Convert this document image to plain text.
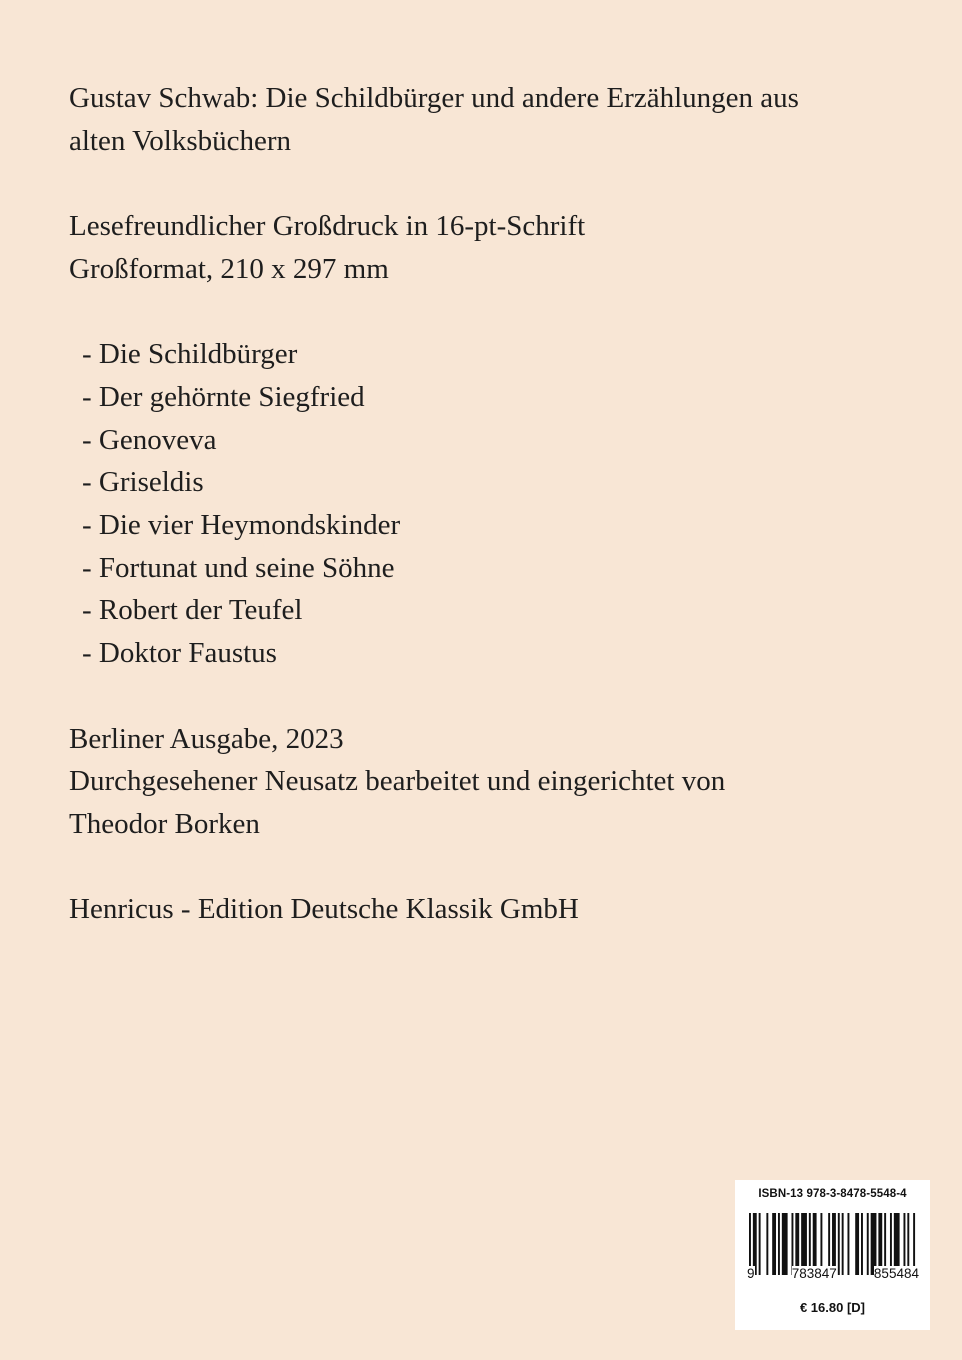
Gustav Schwab: Die Schildbürger und andere Erzählungen aus

alten Volksbüchern

Lesefreundlicher Großdruck in 16-pt-Schrift

Großformat, 210 x 297 mm

- Die Schildbürger
- Der gehörnte Siegfried
- Genoveva
- Griseldis
- Die vier Heymondskinder
- Fortunat und seine Söhne
- Robert der Teufel
- Doktor Faustus

Berliner Ausgabe, 2023

Durchgesehener Neusatz bearbeitet und eingerichtet von

Theodor Borken

Henricus - Edition Deutsche Klassik GmbH

ISBN-13 978-3-8478-5548-4
9	783847	855484
€ 16.80 [D]
